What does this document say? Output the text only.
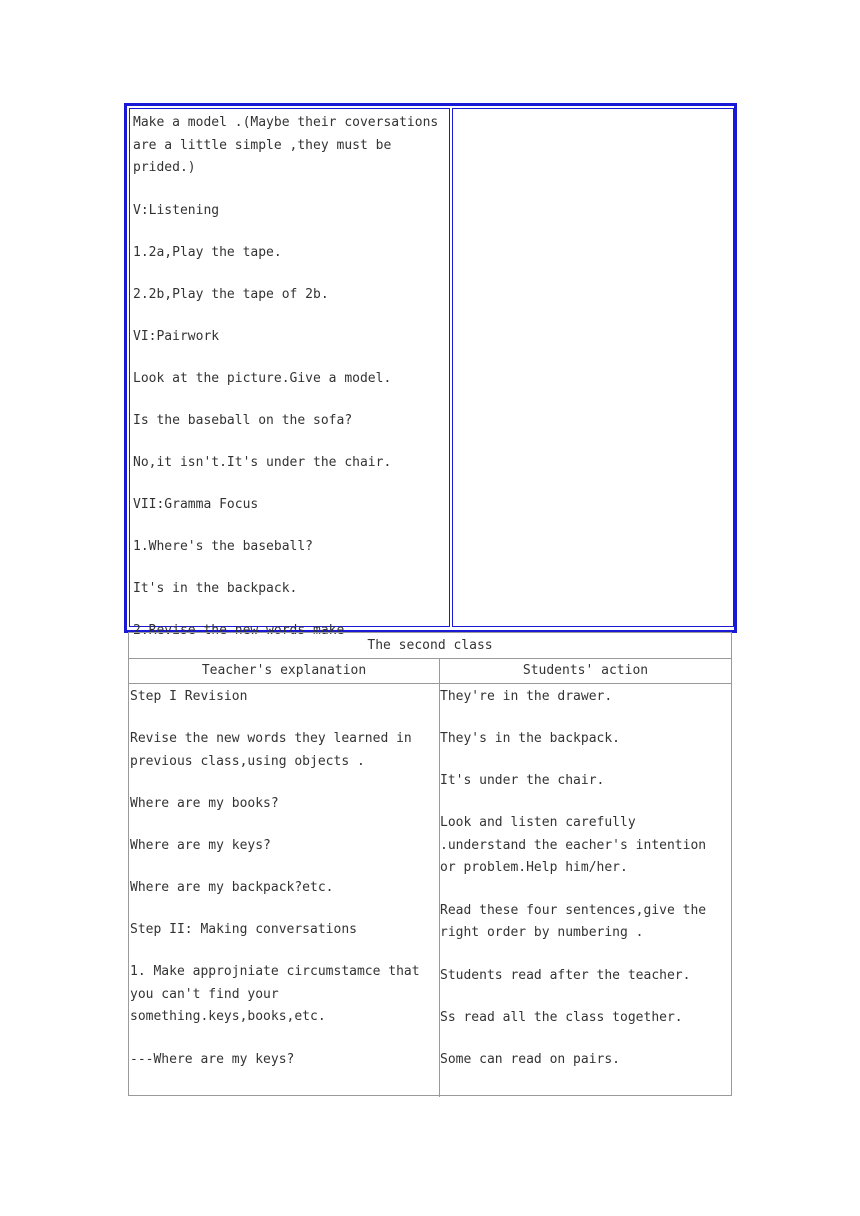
Make a model .(Maybe their coversations are a little simple ,they must be prided.)
V:Listening
1.2a,Play the tape.
2.2b,Play the tape of 2b.
VI:Pairwork
Look at the picture.Give a model.
Is the baseball on the sofa?
No,it isn't.It's under the chair.
VII:Gramma Focus
1.Where's the baseball?
It's in the backpack.
2.Revise the new words make
The second class
Teacher's explanation	Students' action
Step I Revision
Revise the new words they learned in previous class,using objects .
Where are my books?
Where are my keys?
Where are my backpack?etc.
Step II: Making conversations
1. Make approjniate circumstamce that you can't find your something.keys,books,etc.
---Where are my keys?
They're in the drawer.
They's in the backpack.
It's under the chair.
Look and listen carefully .understand the eacher's intention or problem.Help him/her.
Read these four sentences,give the right order by numbering .
Students read after the teacher.
Ss read all the class together.
Some can read on pairs.
